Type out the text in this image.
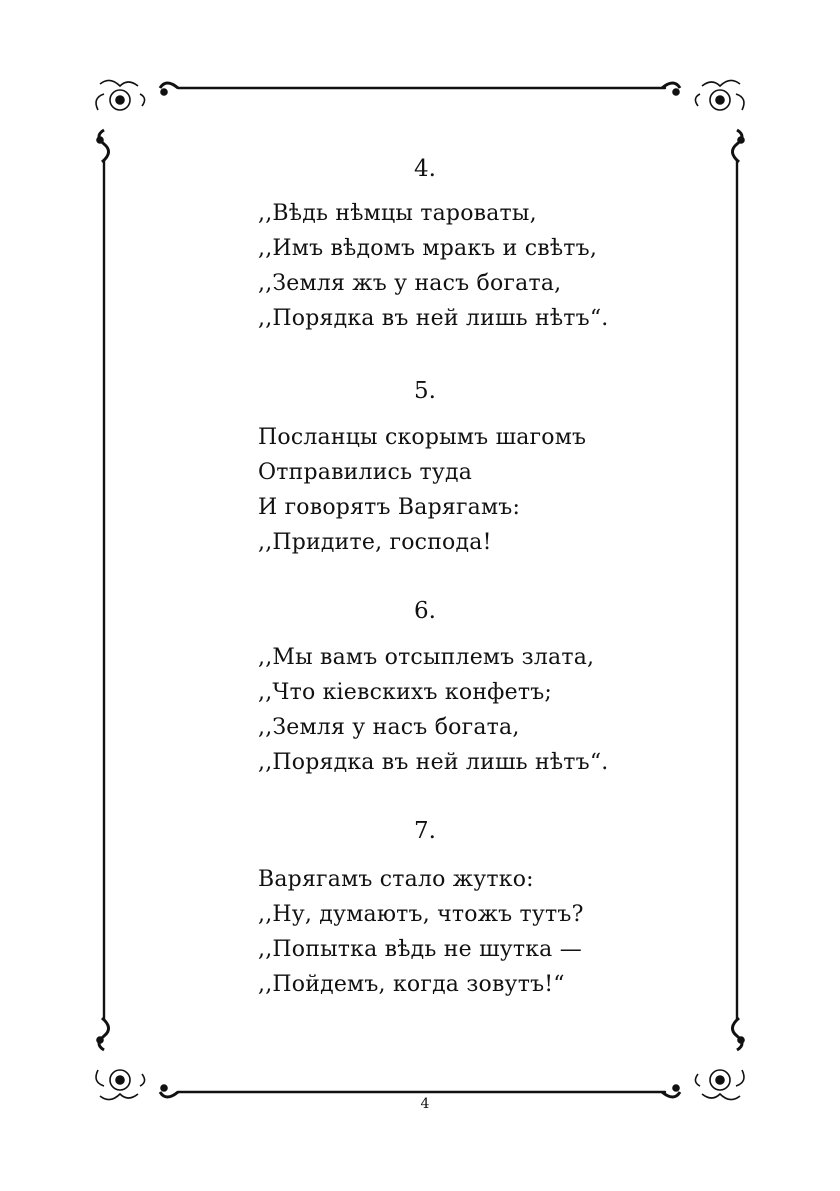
4.
,,Вѣдь нѣмцы тароваты,
,,Имъ вѣдомъ мракъ и свѣтъ,
,,Земля жъ у насъ богата,
,,Порядка въ ней лишь нѣтъ“.
5.
Посланцы скорымъ шагомъ
Отправились туда
И говорятъ Варягамъ:
,,Придите, господа!
6.
,,Мы вамъ отсыплемъ злата,
,,Что кіевскихъ конфетъ;
,,Земля у насъ богата,
,,Порядка въ ней лишь нѣтъ“.
7.
Варягамъ стало жутко:
,,Ну, думаютъ, чтожъ тутъ?
,,Попытка вѣдь не шутка —
,,Пойдемъ, когда зовутъ!“
4
